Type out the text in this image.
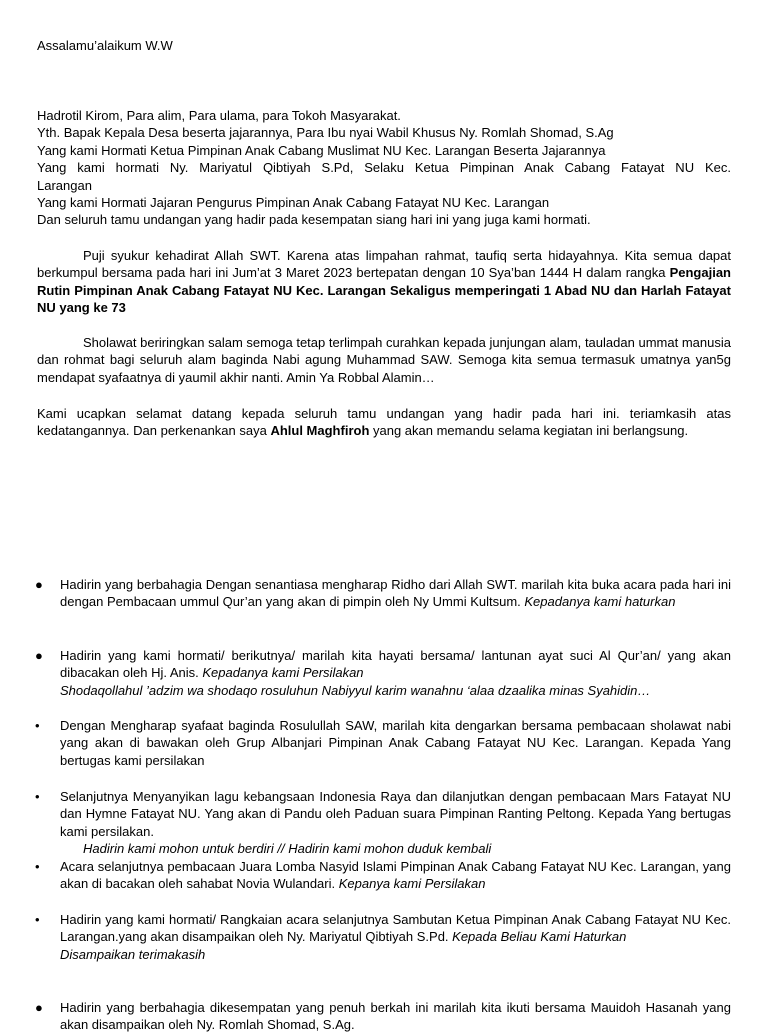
Assalamu’alaikum W.W
Hadrotil Kirom, Para alim, Para ulama, para Tokoh Masyarakat.
Yth. Bapak Kepala Desa beserta jajarannya, Para Ibu nyai Wabil Khusus Ny. Romlah Shomad, S.Ag
Yang kami Hormati Ketua Pimpinan Anak Cabang Muslimat NU Kec. Larangan Beserta Jajarannya
Yang kami hormati Ny. Mariyatul Qibtiyah S.Pd, Selaku Ketua Pimpinan Anak Cabang Fatayat NU Kec.
Larangan
Yang kami Hormati Jajaran Pengurus Pimpinan Anak Cabang Fatayat NU Kec. Larangan
Dan seluruh tamu undangan yang hadir pada kesempatan siang hari ini yang juga kami hormati.
Puji syukur kehadirat Allah SWT. Karena atas limpahan rahmat, taufiq serta hidayahnya. Kita semua dapat berkumpul bersama pada hari ini Jum’at 3 Maret 2023 bertepatan dengan 10 Sya’ban 1444 H dalam rangka Pengajian Rutin Pimpinan Anak Cabang Fatayat NU Kec. Larangan Sekaligus memperingati 1 Abad NU dan Harlah Fatayat NU yang ke 73
Sholawat beriringkan salam semoga tetap terlimpah curahkan kepada junjungan alam, tauladan ummat manusia dan rohmat bagi seluruh alam baginda Nabi agung Muhammad SAW. Semoga kita semua termasuk umatnya yan5g mendapat syafaatnya di yaumil akhir nanti. Amin Ya Robbal Alamin…
Kami ucapkan selamat datang kepada seluruh tamu undangan yang hadir pada hari ini. teriamkasih atas kedatangannya. Dan perkenankan saya Ahlul Maghfiroh yang akan memandu selama kegiatan ini berlangsung.
● Hadirin yang berbahagia Dengan senantiasa mengharap Ridho dari Allah SWT. marilah kita buka acara pada hari ini dengan Pembacaan ummul Qur’an yang akan di pimpin oleh Ny Ummi Kultsum. Kepadanya kami haturkan
● Hadirin yang kami hormati/ berikutnya/ marilah kita hayati bersama/ lantunan ayat suci Al Qur’an/ yang akan dibacakan oleh Hj. Anis. Kepadanya kami Persilakan
Shodaqollahul ’adzim wa shodaqo rosuluhun Nabiyyul karim wanahnu ‘alaa dzaalika minas Syahidin…
• Dengan Mengharap syafaat baginda Rosulullah SAW, marilah kita dengarkan bersama pembacaan sholawat nabi yang akan di bawakan oleh Grup Albanjari Pimpinan Anak Cabang Fatayat NU Kec. Larangan. Kepada Yang bertugas kami persilakan
• Selanjutnya Menyanyikan lagu kebangsaan Indonesia Raya dan dilanjutkan dengan pembacaan Mars Fatayat NU dan Hymne Fatayat NU. Yang akan di Pandu oleh Paduan suara Pimpinan Ranting Peltong. Kepada Yang bertugas kami persilakan.
Hadirin kami mohon untuk berdiri // Hadirin kami mohon duduk kembali
• Acara selanjutnya pembacaan Juara Lomba Nasyid Islami Pimpinan Anak Cabang Fatayat NU Kec. Larangan, yang akan di bacakan oleh sahabat Novia Wulandari. Kepanya kami Persilakan
• Hadirin yang kami hormati/ Rangkaian acara selanjutnya Sambutan Ketua Pimpinan Anak Cabang Fatayat NU Kec. Larangan.yang akan disampaikan oleh Ny. Mariyatul Qibtiyah S.Pd. Kepada Beliau Kami Haturkan
Disampaikan terimakasih
● Hadirin yang berbahagia dikesempatan yang penuh berkah ini marilah kita ikuti bersama Mauidoh Hasanah yang akan disampaikan oleh Ny. Romlah Shomad, S.Ag.
